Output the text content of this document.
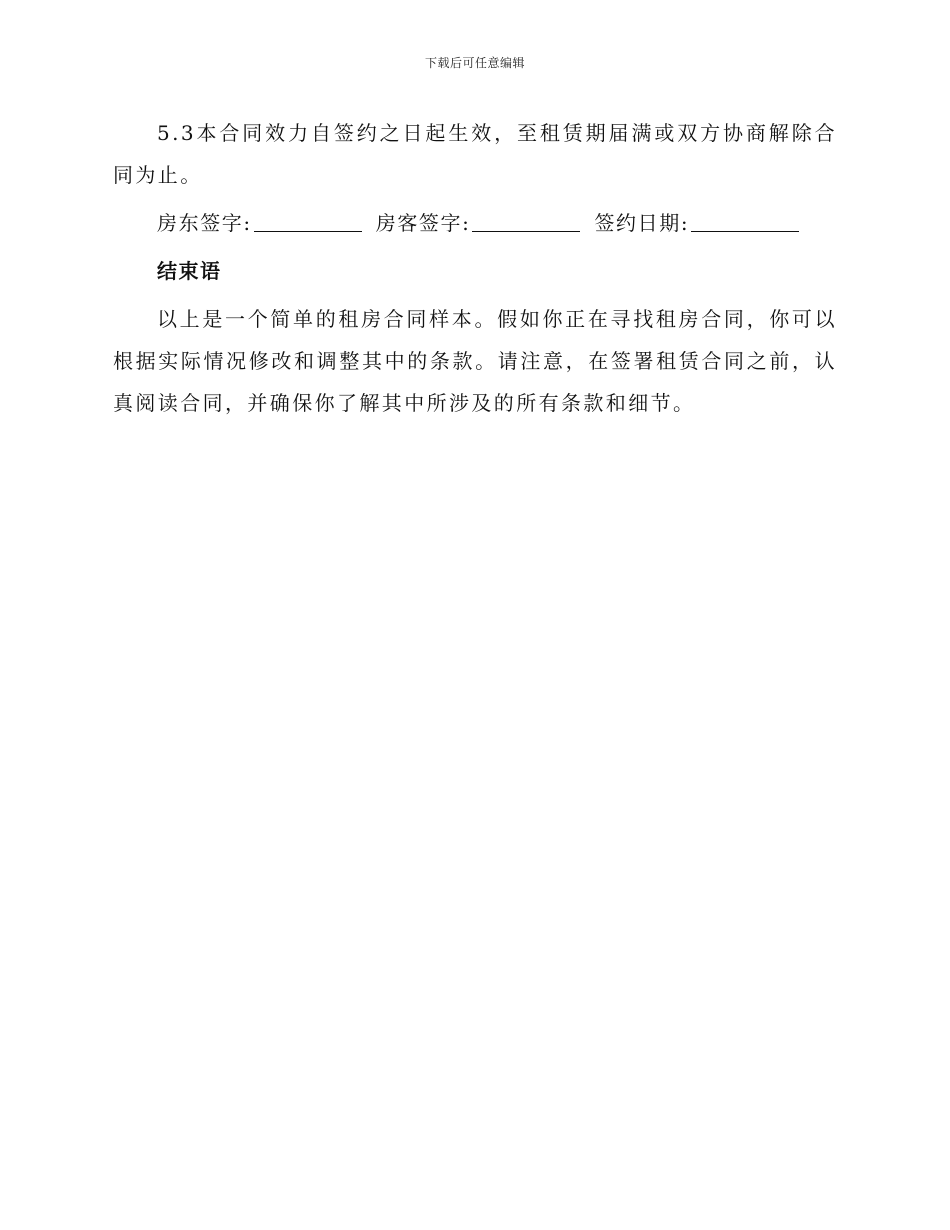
下载后可任意编辑

5.3本合同效力自签约之日起生效，至租赁期届满或双方协商解除合同为止。

房东签字:	房客签字:	签约日期:
结束语

以上是一个简单的租房合同样本。假如你正在寻找租房合同，你可以根据实际情况修改和调整其中的条款。请注意，在签署租赁合同之前，认真阅读合同，并确保你了解其中所涉及的所有条款和细节。
